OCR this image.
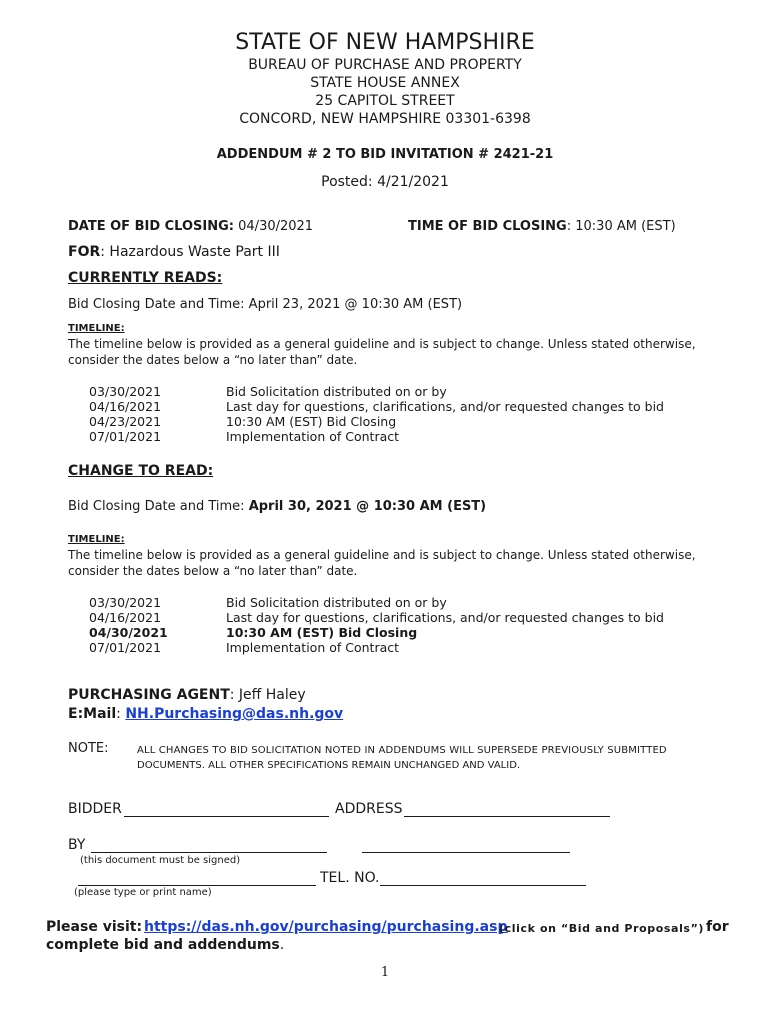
STATE OF NEW HAMPSHIRE
BUREAU OF PURCHASE AND PROPERTY
STATE HOUSE ANNEX
25 CAPITOL STREET
CONCORD, NEW HAMPSHIRE 03301-6398
ADDENDUM # 2 TO BID INVITATION # 2421-21
Posted: 4/21/2021
DATE OF BID CLOSING: 04/30/2021	TIME OF BID CLOSING: 10:30 AM (EST)
FOR: Hazardous Waste Part III
CURRENTLY READS:
Bid Closing Date and Time: April 23, 2021 @ 10:30 AM (EST)
TIMELINE:
The timeline below is provided as a general guideline and is subject to change. Unless stated otherwise,
consider the dates below a “no later than” date.
03/30/2021	Bid Solicitation distributed on or by
04/16/2021	Last day for questions, clarifications, and/or requested changes to bid
04/23/2021	10:30 AM (EST) Bid Closing
07/01/2021	Implementation of Contract
CHANGE TO READ:
Bid Closing Date and Time: April 30, 2021 @ 10:30 AM (EST)
TIMELINE:
The timeline below is provided as a general guideline and is subject to change. Unless stated otherwise,
consider the dates below a “no later than” date.
03/30/2021	Bid Solicitation distributed on or by
04/16/2021	Last day for questions, clarifications, and/or requested changes to bid
04/30/2021	10:30 AM (EST) Bid Closing
07/01/2021	Implementation of Contract
PURCHASING AGENT: Jeff Haley
E:Mail: NH.Purchasing@das.nh.gov
NOTE:	ALL CHANGES TO BID SOLICITATION NOTED IN ADDENDUMS WILL SUPERSEDE PREVIOUSLY SUBMITTED
DOCUMENTS. ALL OTHER SPECIFICATIONS REMAIN UNCHANGED AND VALID.
BIDDER	ADDRESS
BY
(this document must be signed)
TEL. NO.
(please type or print name)
Please visit: https://das.nh.gov/purchasing/purchasing.asp
(click on “Bid and Proposals”) for
complete bid and addendums.
1
